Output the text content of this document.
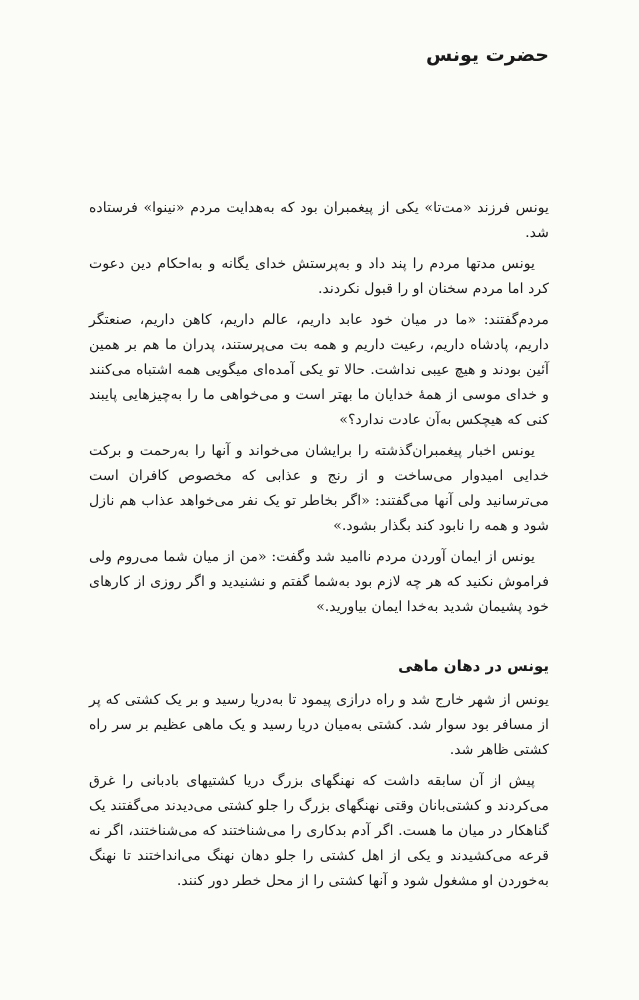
حضرت یونس

یونس فرزند «مت‌تا» یکی از پیغمبران بود که به‌هدایت مردم «نینوا» فرستاده شد.

یونس مدتها مردم را پند داد و به‌پرستش خدای یگانه و به‌احکام دین دعوت کرد اما مردم سخنان او را قبول نکردند.

مردم‌گفتند: «ما در میان خود عابد داریم، عالم داریم، کاهن داریم، صنعتگر داریم، پادشاه داریم، رعیت داریم و همه بت می‌پرستند، پدران ما هم بر همین آئین بودند و هیچ عیبی نداشت. حالا تو یکی آمده‌ای میگویی همه اشتباه می‌کنند و خدای موسی از همهٔ خدایان ما بهتر است و می‌خواهی ما را به‌چیزهایی پایبند کنی که هیچکس به‌آن عادت ندارد؟»

یونس اخبار پیغمبران‌گذشته را برایشان می‌خواند و آنها را به‌رحمت و برکت خدایی امیدوار می‌ساخت و از رنج و عذابی که مخصوص کافران است می‌ترسانید ولی آنها می‌گفتند: «اگر بخاطر تو یک نفر می‌خواهد عذاب هم نازل شود و همه را نابود کند بگذار بشود.»

یونس از ایمان آوردن مردم ناامید شد وگفت: «من از میان شما می‌روم ولی فراموش نکنید که هر چه لازم بود به‌شما گفتم و نشنیدید و اگر روزی از کارهای خود پشیمان شدید به‌خدا ایمان بیاورید.»

یونس در دهان ماهی

یونس از شهر خارج شد و راه درازی پیمود تا به‌دریا رسید و بر یک کشتی که پر از مسافر بود سوار شد. کشتی به‌میان دریا رسید و یک ماهی عظیم بر سر راه کشتی ظاهر شد.

پیش از آن سابقه داشت که نهنگهای بزرگ دریا کشتیهای بادبانی را غرق می‌کردند و کشتی‌بانان وقتی نهنگهای بزرگ را جلو کشتی می‌دیدند می‌گفتند یک گناهکار در میان ما هست. اگر آدم بدکاری را می‌شناختند که می‌شناختند، اگر نه قرعه می‌کشیدند و یکی از اهل کشتی را جلو دهان نهنگ می‌انداختند تا نهنگ به‌خوردن او مشغول شود و آنها کشتی را از محل خطر دور کنند.
